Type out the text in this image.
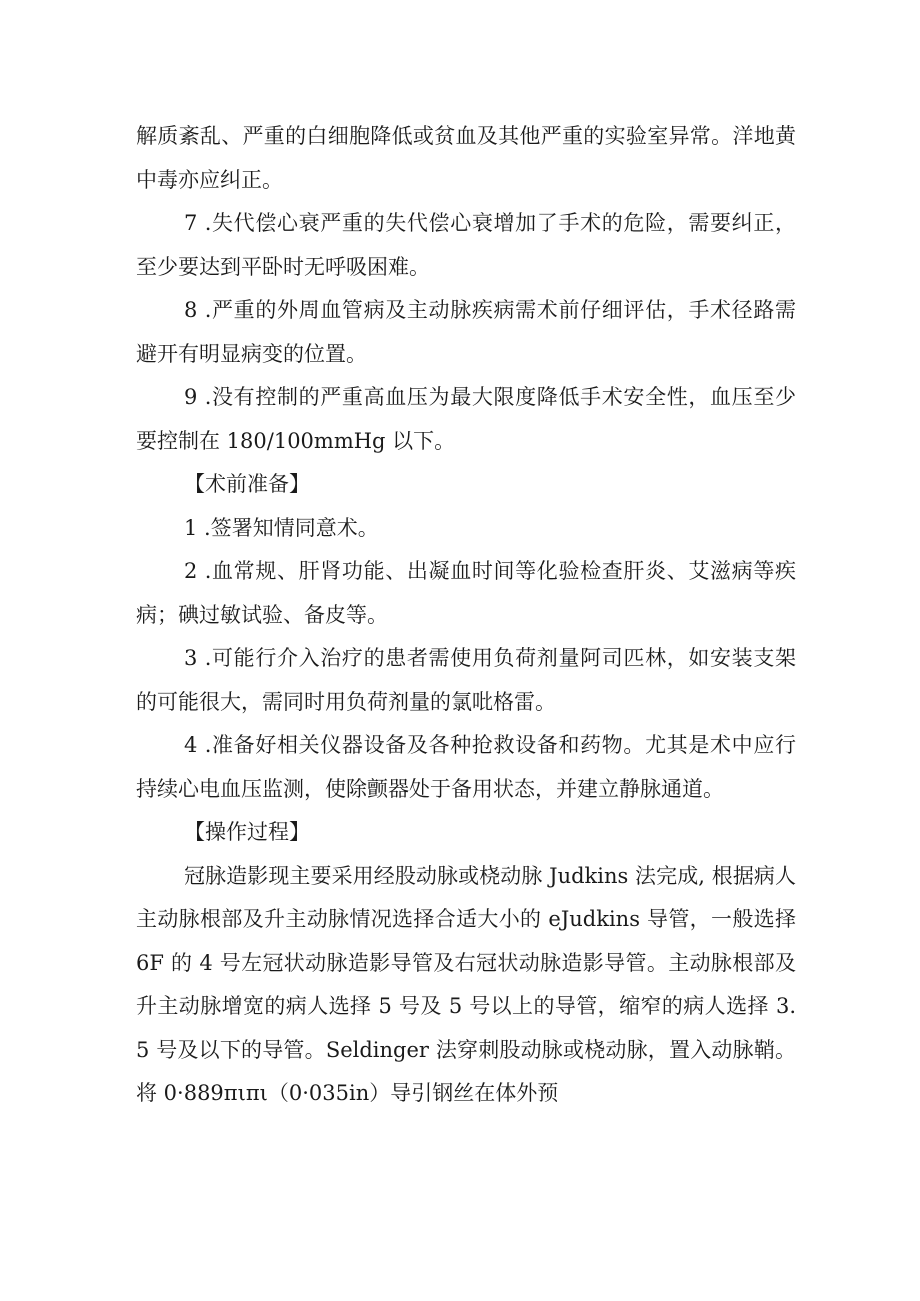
解质紊乱、严重的白细胞降低或贫血及其他严重的实验室异常。洋地黄中毒亦应纠正。

7 .失代偿心衰严重的失代偿心衰增加了手术的危险，需要纠正，至少要达到平卧时无呼吸困难。

8 .严重的外周血管病及主动脉疾病需术前仔细评估，手术径路需避开有明显病变的位置。

9 .没有控制的严重高血压为最大限度降低手术安全性，血压至少要控制在 180/100mmHg 以下。

【术前准备】

1 .签署知情同意术。

2 .血常规、肝肾功能、出凝血时间等化验检查肝炎、艾滋病等疾病；碘过敏试验、备皮等。

3 .可能行介入治疗的患者需使用负荷剂量阿司匹林，如安装支架的可能很大，需同时用负荷剂量的氯吡格雷。

4 .准备好相关仪器设备及各种抢救设备和药物。尤其是术中应行持续心电血压监测，使除颤器处于备用状态，并建立静脉通道。

【操作过程】

冠脉造影现主要采用经股动脉或桡动脉 Judkins 法完成, 根据病人主动脉根部及升主动脉情况选择合适大小的 eJudkins 导管，一般选择 6F 的 4 号左冠状动脉造影导管及右冠状动脉造影导管。主动脉根部及升主动脉增宽的病人选择 5 号及 5 号以上的导管，缩窄的病人选择 3.5 号及以下的导管。Seldinger 法穿刺股动脉或桡动脉，置入动脉鞘。将 0·889πιπι（0·035in）导引钢丝在体外预
